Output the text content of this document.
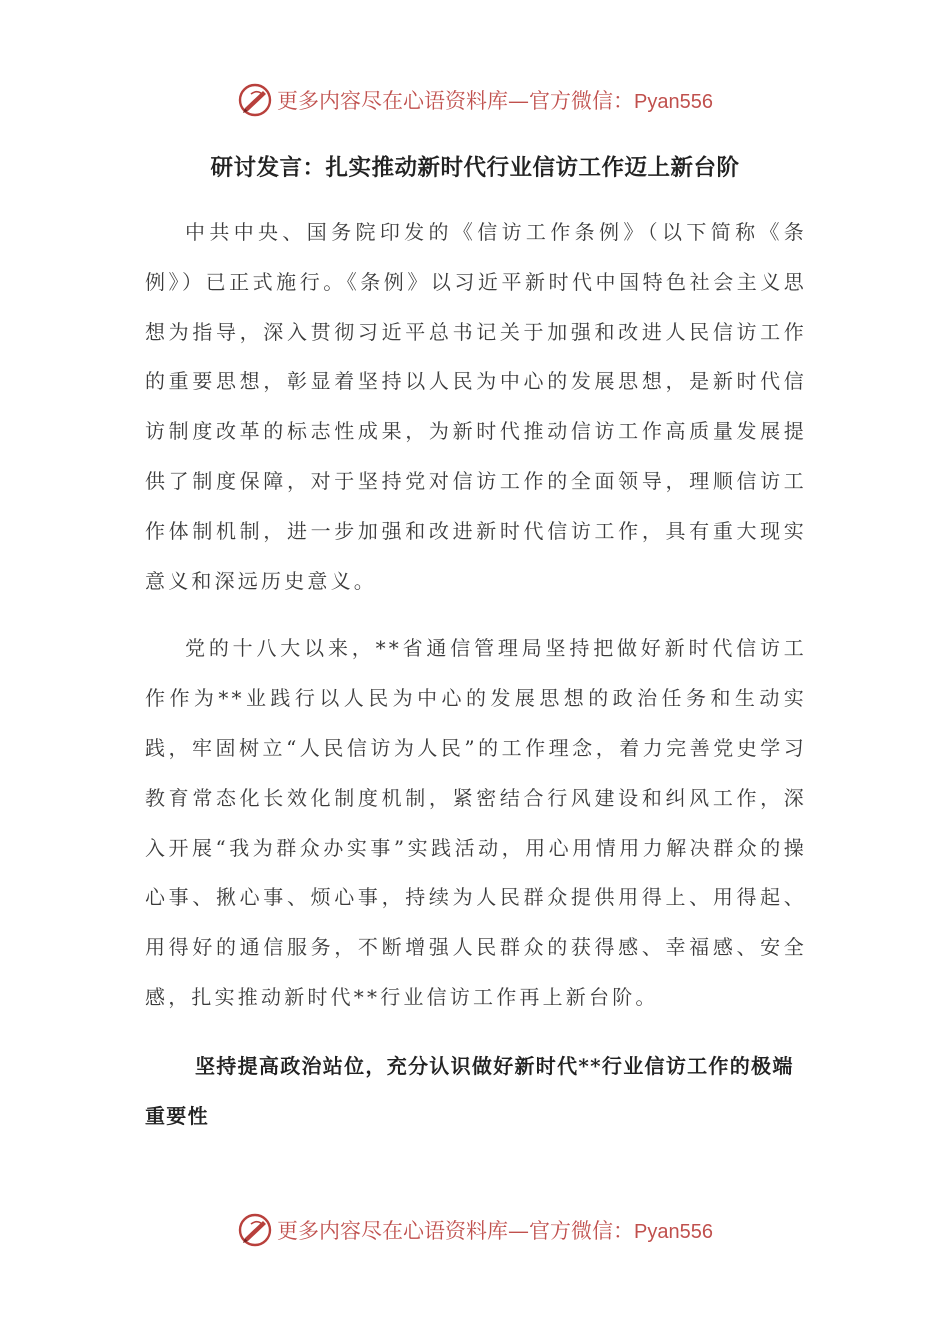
更多内容尽在心语资料库—官方微信：Pyan556
研讨发言：扎实推动新时代行业信访工作迈上新台阶

中共中央、国务院印发的《信访工作条例》（以下简称《条例》）已正式施行。《条例》以习近平新时代中国特色社会主义思想为指导，深入贯彻习近平总书记关于加强和改进人民信访工作的重要思想，彰显着坚持以人民为中心的发展思想，是新时代信访制度改革的标志性成果，为新时代推动信访工作高质量发展提供了制度保障，对于坚持党对信访工作的全面领导，理顺信访工作体制机制，进一步加强和改进新时代信访工作，具有重大现实意义和深远历史意义。

党的十八大以来，**省通信管理局坚持把做好新时代信访工作作为**业践行以人民为中心的发展思想的政治任务和生动实践，牢固树立“人民信访为人民”的工作理念，着力完善党史学习教育常态化长效化制度机制，紧密结合行风建设和纠风工作，深入开展“我为群众办实事”实践活动，用心用情用力解决群众的操心事、揪心事、烦心事，持续为人民群众提供用得上、用得起、用得好的通信服务，不断增强人民群众的获得感、幸福感、安全感，扎实推动新时代**行业信访工作再上新台阶。

坚持提高政治站位，充分认识做好新时代**行业信访工作的极端重要性

更多内容尽在心语资料库—官方微信：Pyan556
